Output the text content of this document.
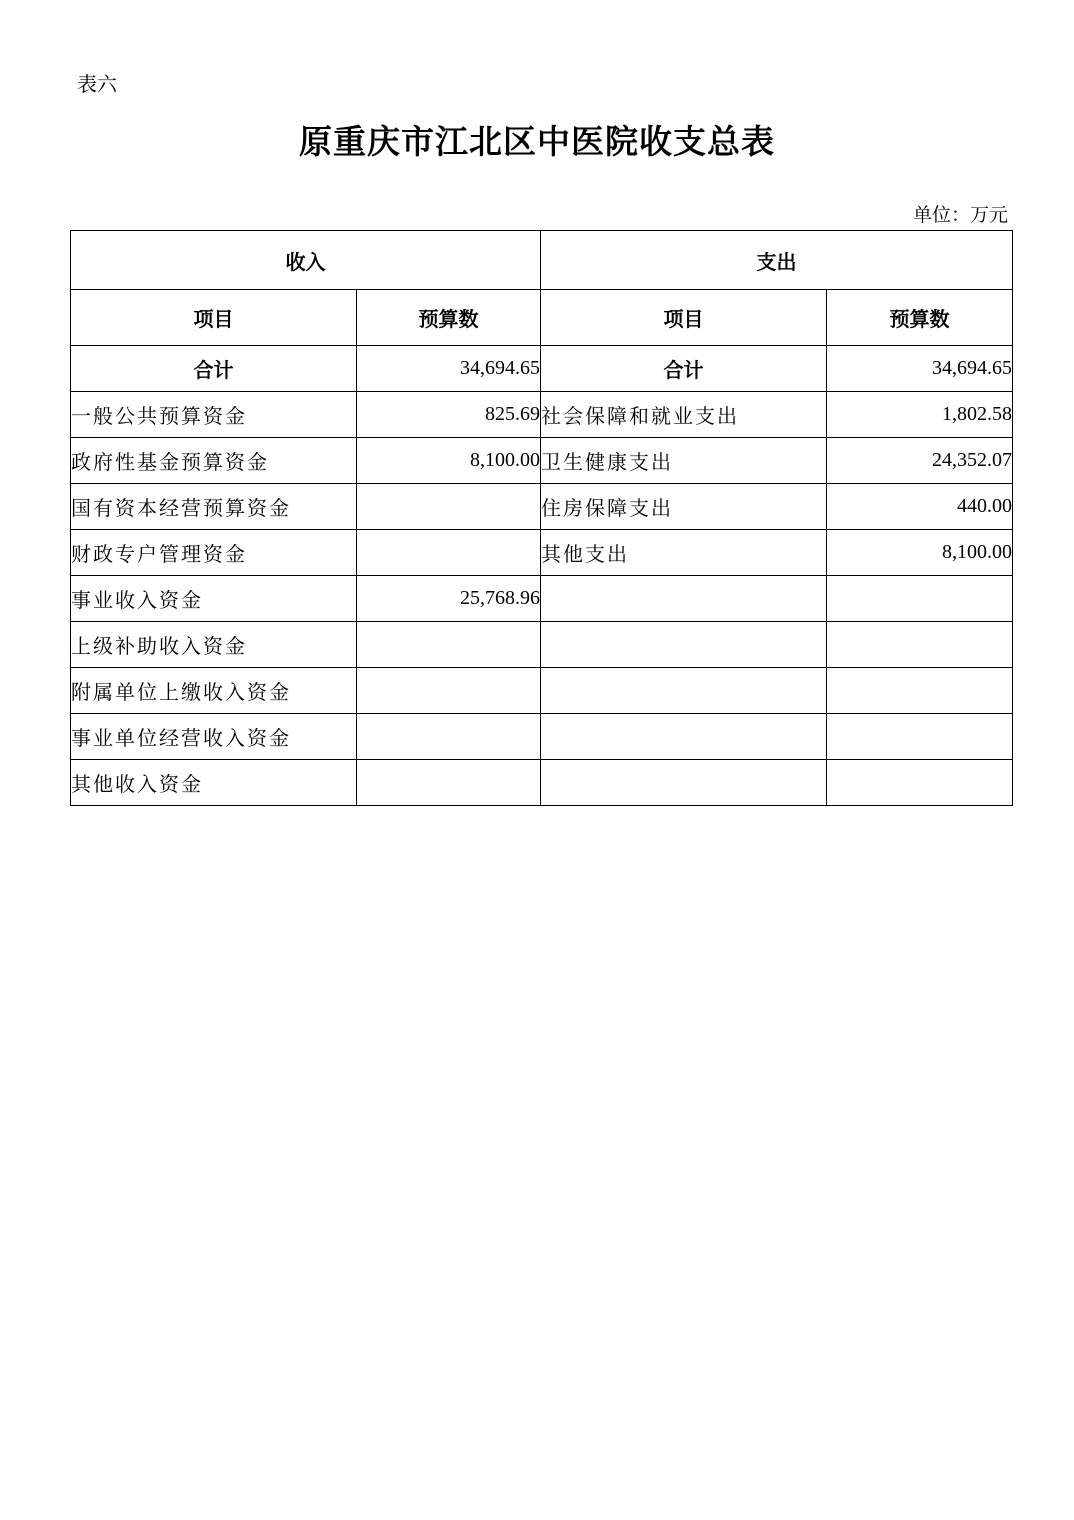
表六
原重庆市江北区中医院收支总表
单位：万元
收入		支出	
项目	预算数	项目	预算数
合计	34,694.65	合计	34,694.65
一般公共预算资金	825.69	社会保障和就业支出	1,802.58
政府性基金预算资金	8,100.00	卫生健康支出	24,352.07
国有资本经营预算资金		住房保障支出	440.00
财政专户管理资金		其他支出	8,100.00
事业收入资金	25,768.96		
上级补助收入资金			
附属单位上缴收入资金			
事业单位经营收入资金			
其他收入资金			
